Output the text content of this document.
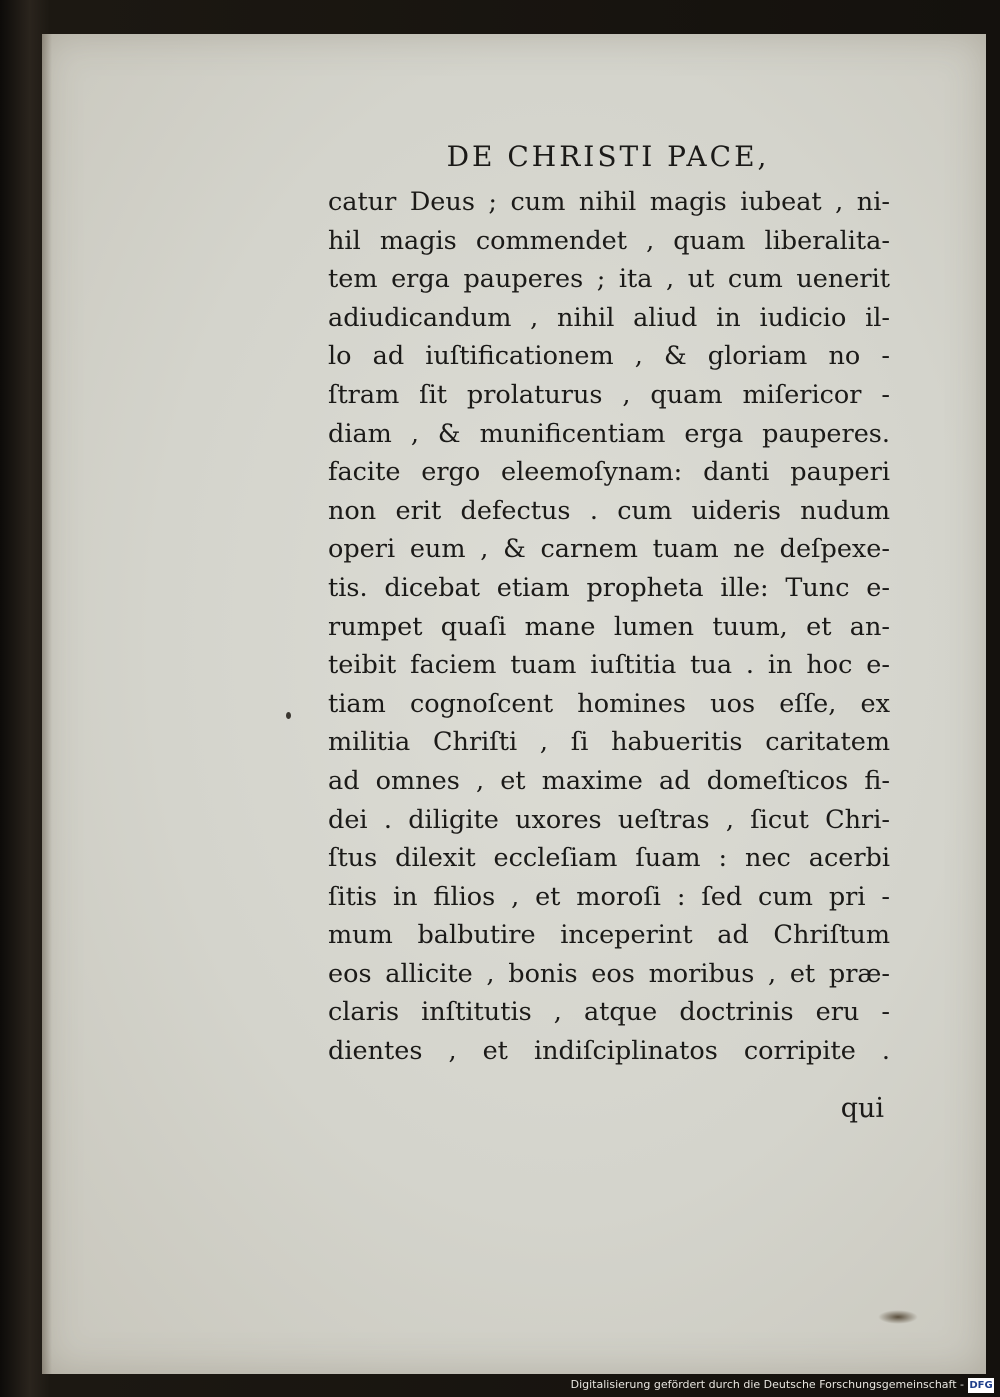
DE CHRISTI PACE,
catur Deus ; cum nihil magis iubeat , ni-
hil magis commendet , quam liberalita-
tem erga pauperes ; ita , ut cum uenerit
adiudicandum , nihil aliud in iudicio il-
lo ad iuſtificationem , & gloriam no -
ſtram ſit prolaturus , quam miſericor -
diam , & munificentiam erga pauperes.
facite ergo eleemoſynam: danti pauperi
non erit defectus . cum uideris nudum
operi eum , & carnem tuam ne deſpexe-
tis. dicebat etiam propheta ille: Tunc e-
rumpet quaſi mane lumen tuum, et an-
teibit faciem tuam iuſtitia tua . in hoc e-
tiam cognoſcent homines uos eſſe, ex
militia Chriſti , ſi habueritis caritatem
ad omnes , et maxime ad domeſticos fi-
dei . diligite uxores ueſtras , ſicut Chri-
ſtus dilexit eccleſiam ſuam : nec acerbi
ſitis in filios , et moroſi : ſed cum pri -
mum balbutire inceperint ad Chriſtum
eos allicite , bonis eos moribus , et præ-
claris inſtitutis , atque doctrinis eru -
dientes , et indiſciplinatos corripite .
qui
Digitalisierung gefördert durch die Deutsche Forschungsgemeinschaft - DFG
